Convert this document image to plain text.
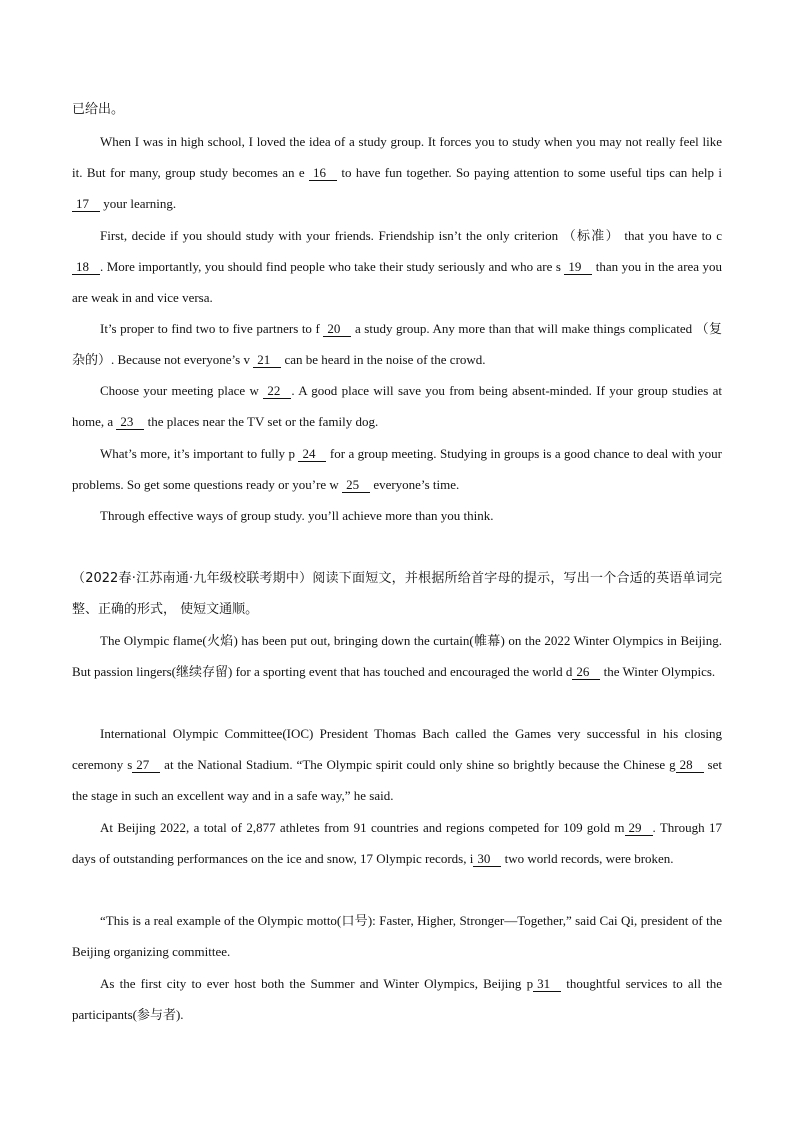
已给出。

When I was in high school, I loved the idea of a study group. It forces you to study when you may not really feel like it. But for many, group study becomes an e 16 to have fun together. So paying attention to some useful tips can help i 17 your learning.

First, decide if you should study with your friends. Friendship isn’t the only criterion （标准） that you have to c 18 . More importantly, you should find people who take their study seriously and who are s 19 than you in the area you are weak in and vice versa.

It’s proper to find two to five partners to f 20 a study group. Any more than that will make things complicated （复杂的）. Because not everyone’s v 21 can be heard in the noise of the crowd.

Choose your meeting place w 22 . A good place will save you from being absent-minded. If your group studies at home, a 23 the places near the TV set or the family dog.

What’s more, it’s important to fully p 24 for a group meeting. Studying in groups is a good chance to deal with your problems. So get some questions ready or you’re w 25 everyone’s time.

Through effective ways of group study. you’ll achieve more than you think.

（2022春·江苏南通·九年级校联考期中）阅读下面短文，并根据所给首字母的提示，写出一个合适的英语单词完整、正确的形式， 使短文通顺。

The Olympic flame(火焰) has been put out, bringing down the curtain(帷幕) on the 2022 Winter Olympics in Beijing. But passion lingers(继续存留) for a sporting event that has touched and encouraged the world d 26 the Winter Olympics.

International Olympic Committee(IOC) President Thomas Bach called the Games very successful in his closing ceremony s 27 at the National Stadium. “The Olympic spirit could only shine so brightly because the Chinese g 28 set the stage in such an excellent way and in a safe way,” he said.

At Beijing 2022, a total of 2,877 athletes from 91 countries and regions competed for 109 gold m 29 . Through 17 days of outstanding performances on the ice and snow, 17 Olympic records, i 30 two world records, were broken.

“This is a real example of the Olympic motto(口号): Faster, Higher, Stronger—Together,” said Cai Qi, president of the Beijing organizing committee.

As the first city to ever host both the Summer and Winter Olympics, Beijing p 31 thoughtful services to all the participants(参与者).
